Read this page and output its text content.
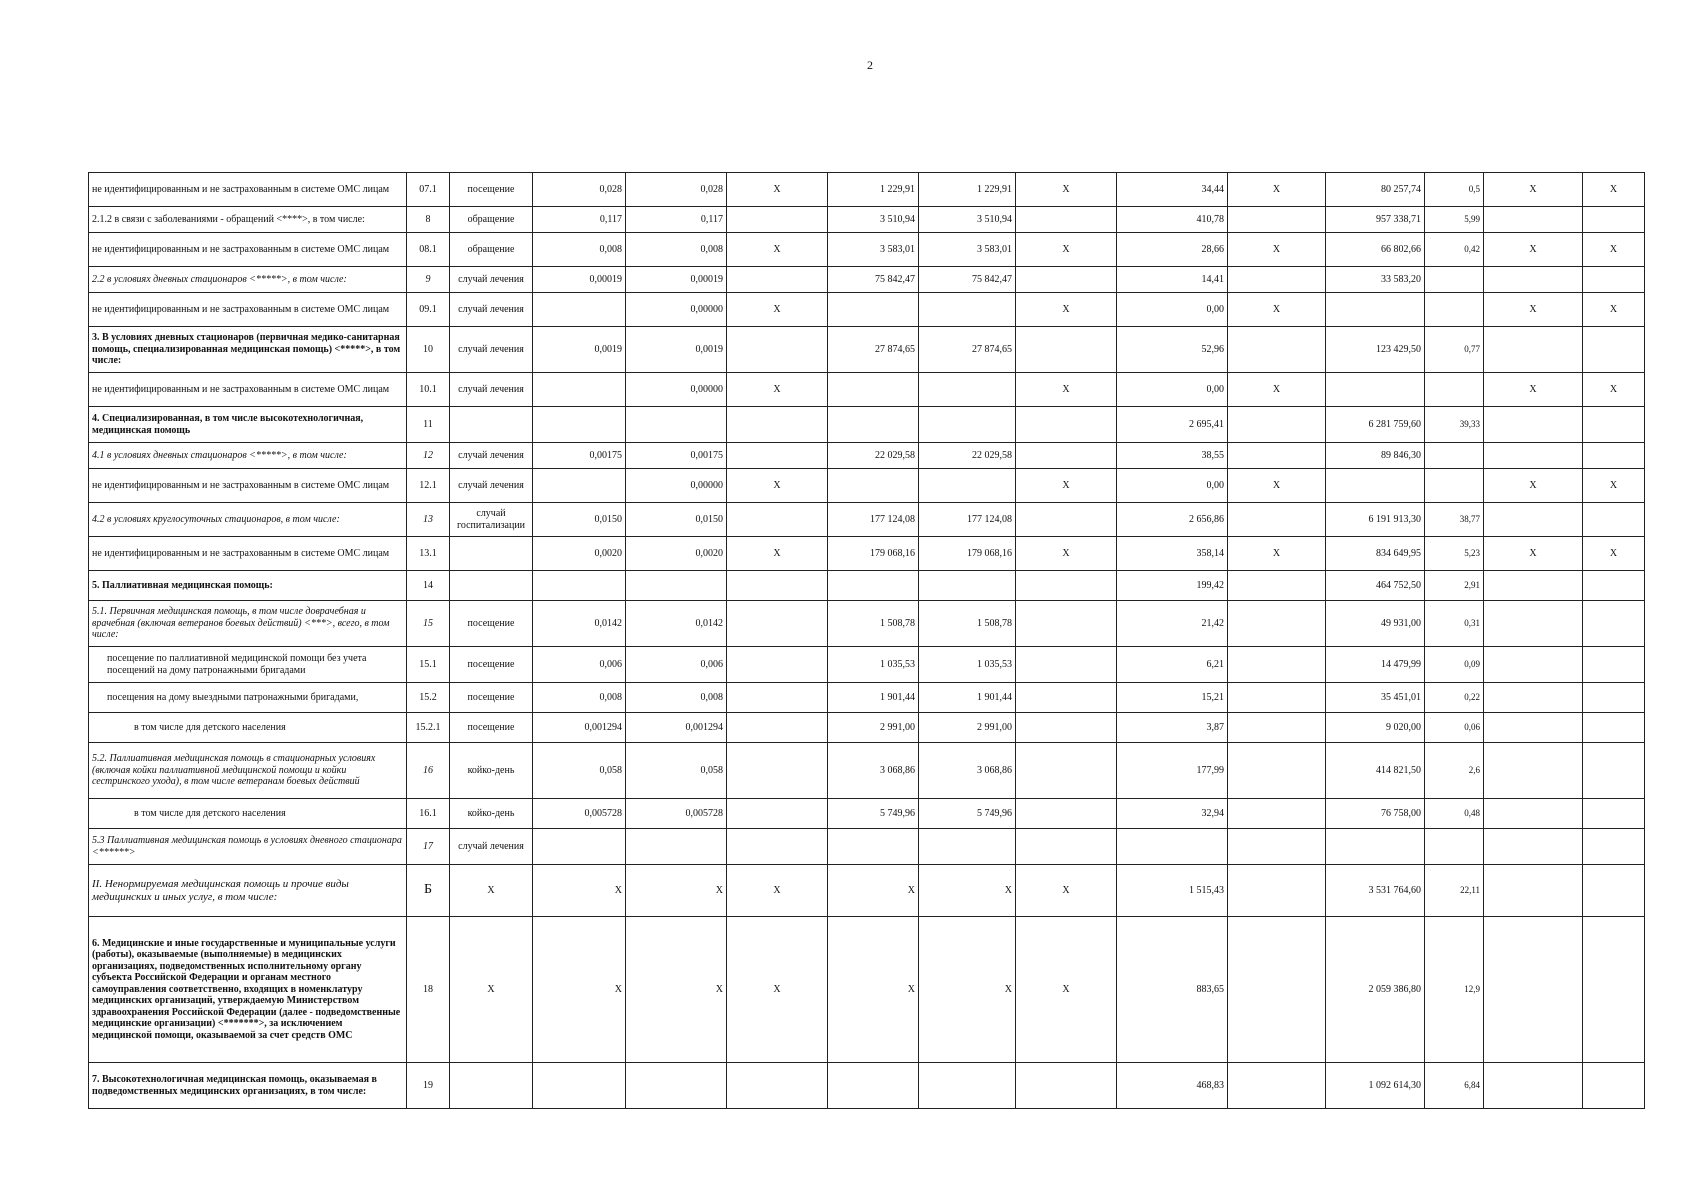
2
не идентифицированным и не застрахованным в системе ОМС лицам	07.1	посещение	0,028	0,028	X	1 229,91	1 229,91	X	34,44	X	80 257,74	0,5	X	X
2.1.2 в связи с заболеваниями - обращений <****>, в том числе:	8	обращение	0,117	0,117		3 510,94	3 510,94		410,78		957 338,71	5,99		
не идентифицированным и не застрахованным в системе ОМС лицам	08.1	обращение	0,008	0,008	X	3 583,01	3 583,01	X	28,66	X	66 802,66	0,42	X	X
2.2 в условиях дневных стационаров <*****>, в том числе:	9	случай лечения	0,00019	0,00019		75 842,47	75 842,47		14,41		33 583,20			
не идентифицированным и не застрахованным в системе ОМС лицам	09.1	случай лечения		0,00000	X			X	0,00	X			X	X
3. В условиях дневных стационаров (первичная медико-санитарная помощь, специализированная медицинская помощь) <*****>, в том числе:	10	случай лечения	0,0019	0,0019		27 874,65	27 874,65		52,96		123 429,50	0,77		
не идентифицированным и не застрахованным в системе ОМС лицам	10.1	случай лечения		0,00000	X			X	0,00	X			X	X
4. Специализированная, в том числе высокотехнологичная, медицинская помощь	11								2 695,41		6 281 759,60	39,33		
4.1 в условиях дневных стационаров <*****>, в том числе:	12	случай лечения	0,00175	0,00175		22 029,58	22 029,58		38,55		89 846,30			
не идентифицированным и не застрахованным в системе ОМС лицам	12.1	случай лечения		0,00000	X			X	0,00	X			X	X
4.2 в условиях круглосуточных стационаров, в том числе:	13	случай госпитализации	0,0150	0,0150		177 124,08	177 124,08		2 656,86		6 191 913,30	38,77		
не идентифицированным и не застрахованным в системе ОМС лицам	13.1		0,0020	0,0020	X	179 068,16	179 068,16	X	358,14	X	834 649,95	5,23	X	X
5. Паллиативная медицинская помощь:	14								199,42		464 752,50	2,91		
5.1. Первичная медицинская помощь, в том числе доврачебная и врачебная (включая ветеранов боевых действий) <***>, всего, в том числе:	15	посещение	0,0142	0,0142		1 508,78	1 508,78		21,42		49 931,00	0,31		
посещение по паллиативной медицинской помощи без учета посещений на дому патронажными бригадами	15.1	посещение	0,006	0,006		1 035,53	1 035,53		6,21		14 479,99	0,09		
посещения на дому выездными патронажными бригадами,	15.2	посещение	0,008	0,008		1 901,44	1 901,44		15,21		35 451,01	0,22		
в том числе для детского населения	15.2.1	посещение	0,001294	0,001294		2 991,00	2 991,00		3,87		9 020,00	0,06		
5.2. Паллиативная медицинская помощь в стационарных условиях (включая койки паллиативной медицинской помощи и койки сестринского ухода), в том числе ветеранам боевых действий	16	койко-день	0,058	0,058		3 068,86	3 068,86		177,99		414 821,50	2,6		
в том числе для детского населения	16.1	койко-день	0,005728	0,005728		5 749,96	5 749,96		32,94		76 758,00	0,48		
5.3 Паллиативная медицинская помощь в условиях дневного стационара <******>	17	случай лечения												
II. Ненормируемая медицинская помощь и прочие виды медицинских и иных услуг, в том числе:	Б	Х	Х	Х	Х	Х	Х	Х	1 515,43		3 531 764,60	22,11		
6. Медицинские и иные государственные и муниципальные услуги (работы), оказываемые (выполняемые) в медицинских организациях, подведомственных исполнительному органу субъекта Российской Федерации и органам местного самоуправления соответственно, входящих в номенклатуру медицинских организаций, утверждаемую Министерством здравоохранения Российской Федерации (далее - подведомственные медицинские организации) <*******>, за исключением медицинской помощи, оказываемой за счет средств ОМС	18	Х	Х	Х	Х	Х	Х	Х	883,65		2 059 386,80	12,9		
7. Высокотехнологичная медицинская помощь, оказываемая в подведомственных медицинских организациях, в том числе:	19								468,83		1 092 614,30	6,84		
